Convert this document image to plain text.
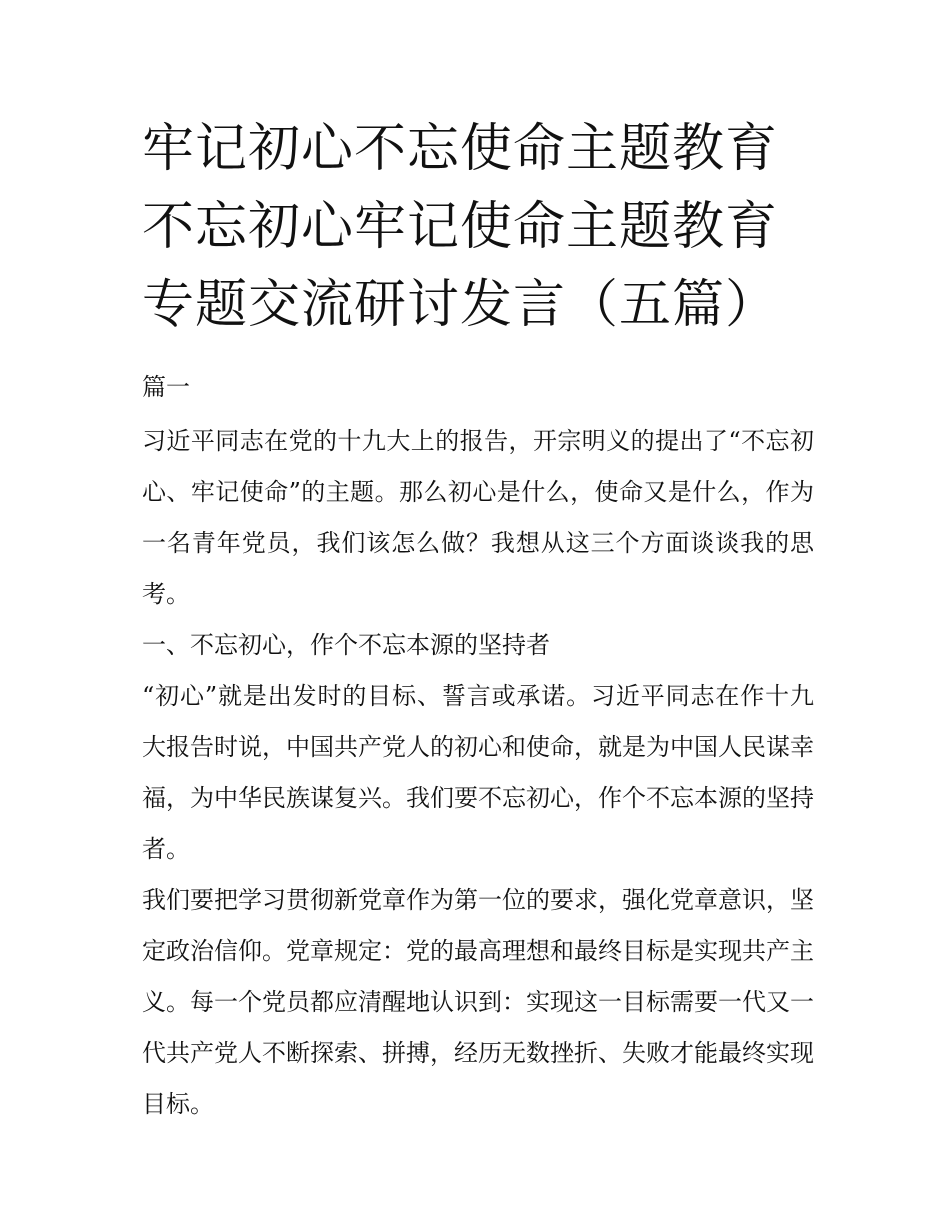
牢记初心不忘使命主题教育 不忘初心牢记使命主题教育专题交流研讨发言（五篇）
篇一

习近平同志在党的十九大上的报告，开宗明义的提出了“不忘初心、牢记使命”的主题。那么初心是什么，使命又是什么，作为一名青年党员，我们该怎么做？我想从这三个方面谈谈我的思考。

一、不忘初心，作个不忘本源的坚持者

“初心”就是出发时的目标、誓言或承诺。习近平同志在作十九大报告时说，中国共产党人的初心和使命，就是为中国人民谋幸福，为中华民族谋复兴。我们要不忘初心，作个不忘本源的坚持者。

我们要把学习贯彻新党章作为第一位的要求，强化党章意识，坚定政治信仰。党章规定：党的最高理想和最终目标是实现共产主义。每一个党员都应清醒地认识到：实现这一目标需要一代又一代共产党人不断探索、拼搏，经历无数挫折、失败才能最终实现目标。
